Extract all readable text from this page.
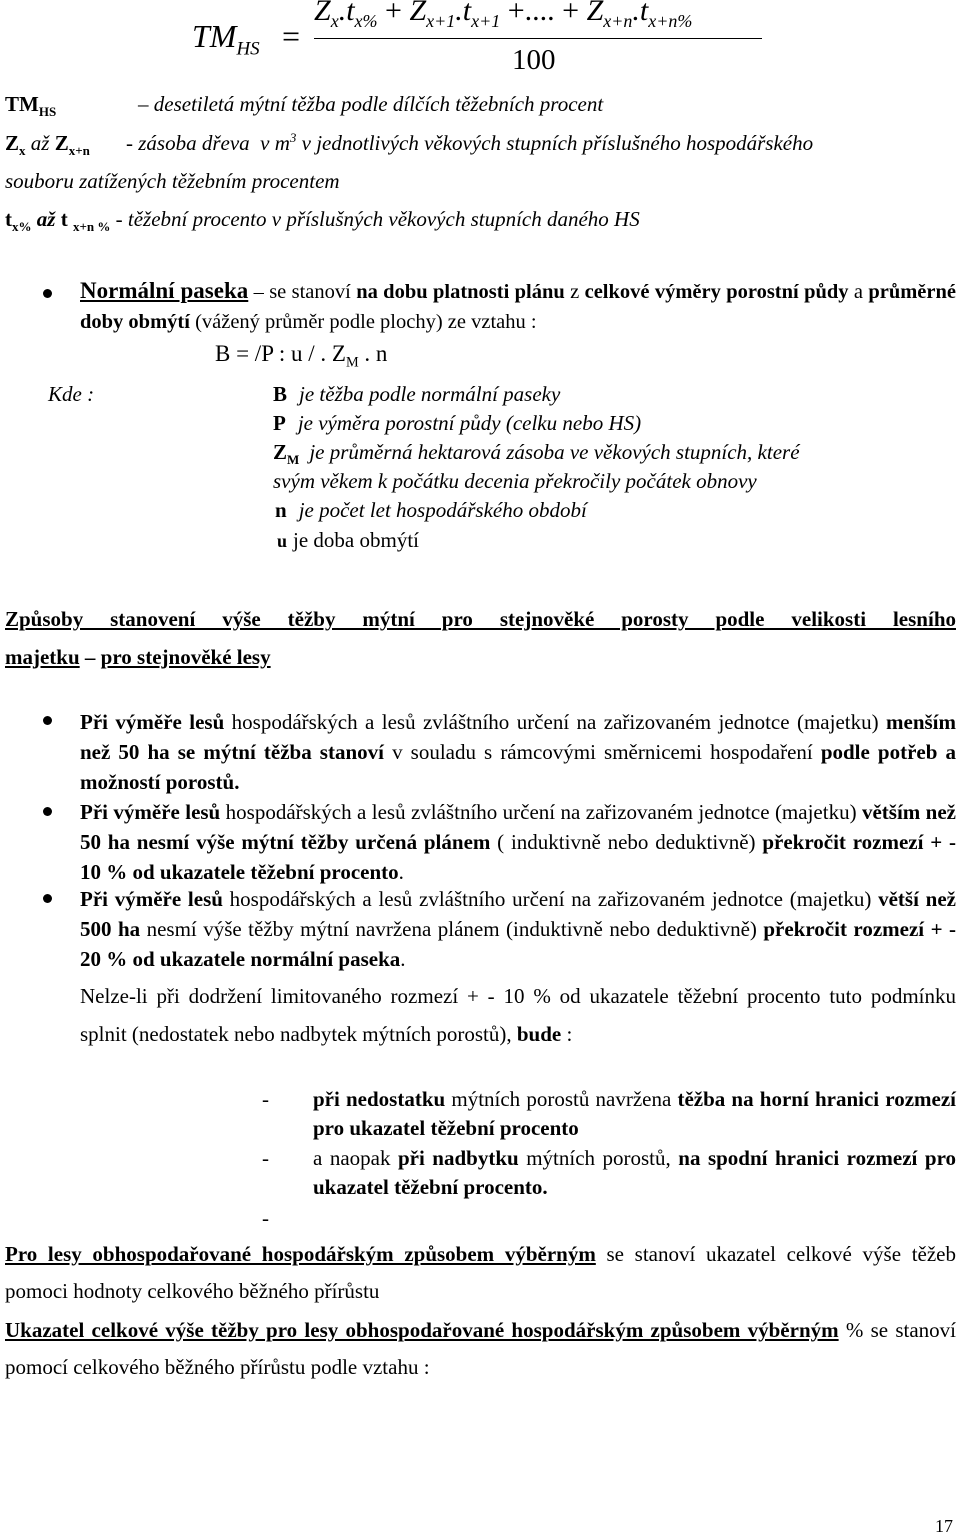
$TM_{HS}$ =
$Z_x.t_{x\%} + Z_{x+1}.t_{x+1}$ +.... + $Z_{x+n}.t_{x+n\%}$
100
$TM_{HS}$	– desetiletá mýtní těžba podle dílčích těžebních procent
$Z_x$ až $Z_{x+n}$ - zásoba dřeva  v $m^3$ v jednotlivých věkových stupních příslušného hospodářského
souboru zatížených těžebním procentem
$t_{x\%}$ až t $_{x+n \%}$ - těžební procento v příslušných věkových stupních daného HS

Normální paseka – se stanoví na dobu platnosti plánu z celkové výměry porostní půdy a průměrné doby obmýtí (vážený průměr podle plochy) ze vztahu :

B = /P : u / . $Z_M$ . n
Kde :	B je těžba podle normální paseky
P je výměra porostní půdy (celku nebo HS)
$Z_M$ je průměrná hektarová zásoba ve věkových stupních, které
svým věkem k počátku decenia překročily počátek obnovy
n je počet let hospodářského období
u je doba obmýtí
Způsoby stanovení výše těžby mýtní pro stejnověké porosty podle velikosti lesního
majetku – pro stejnověké lesy

Při výměře lesů hospodářských a lesů zvláštního určení na zařizovaném jednotce (majetku) menším než 50 ha se mýtní těžba stanoví v souladu s rámcovými směrnicemi hospodaření podle potřeb a možností porostů.

Při výměře lesů hospodářských a lesů zvláštního určení na zařizovaném jednotce (majetku) větším než 50 ha nesmí výše mýtní těžby určená plánem ( induktivně nebo deduktivně) překročit rozmezí + - 10 % od ukazatele těžební procento.

Při výměře lesů hospodářských a lesů zvláštního určení na zařizovaném jednotce (majetku) větší než 500 ha nesmí výše těžby mýtní navržena plánem (induktivně nebo deduktivně) překročit rozmezí + - 20 % od ukazatele normální paseka.

Nelze-li při dodržení limitovaného rozmezí + - 10 % od ukazatele těžební procento tuto podmínku splnit (nedostatek nebo nadbytek mýtních porostů), bude :

- při nedostatku mýtních porostů navržena těžba na horní hranici rozmezí pro ukazatel těžební procento
- a naopak při nadbytku mýtních porostů, na spodní hranici rozmezí pro ukazatel těžební procento.
-
Pro lesy obhospodařované hospodářským způsobem výběrným se stanoví ukazatel celkové výše těžeb pomoci hodnoty celkového běžného přírůstu
Ukazatel celkové výše těžby pro lesy obhospodařované hospodářským způsobem výběrným % se stanoví pomocí celkového běžného přírůstu podle vztahu :
17
